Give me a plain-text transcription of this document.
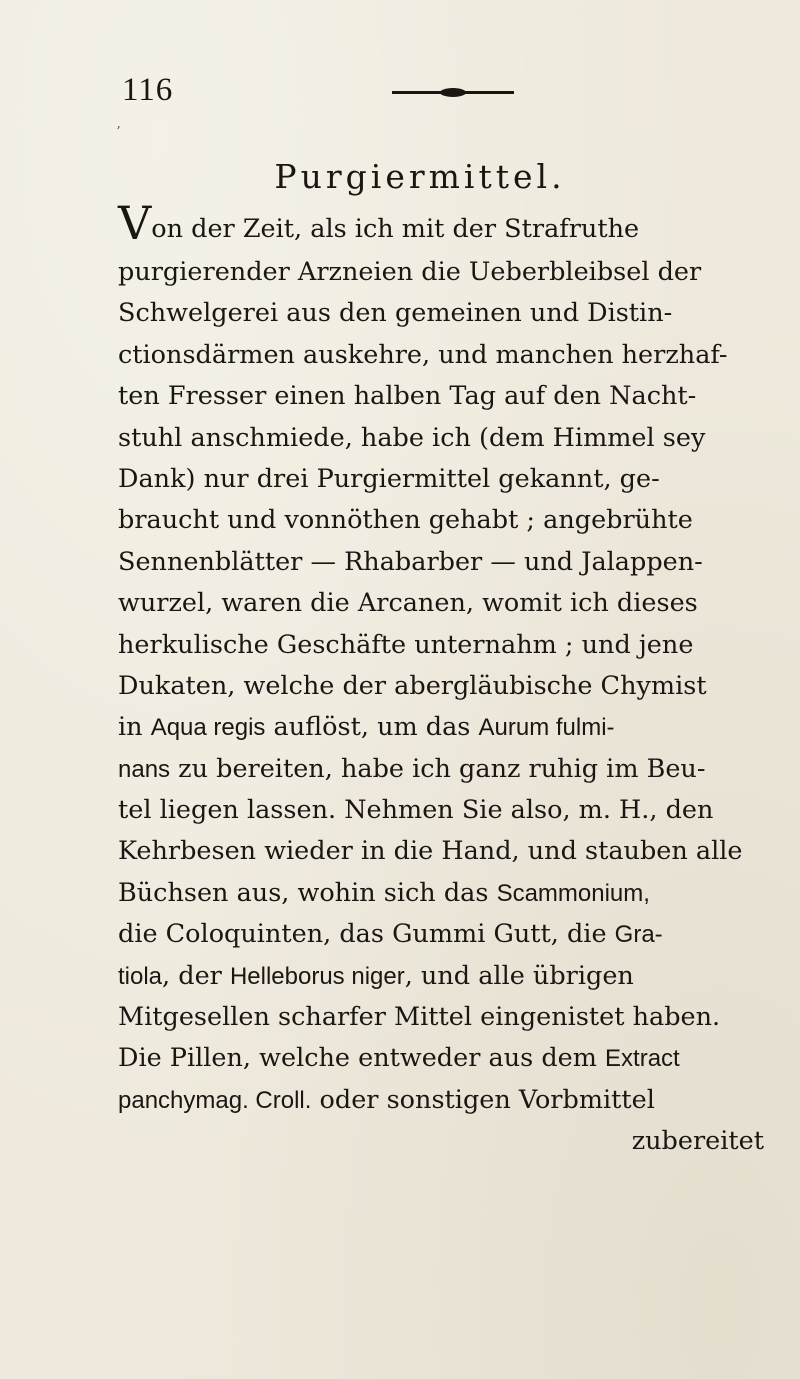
116
ʼ
Purgiermittel.
Von der Zeit, als ich mit der Strafruthe
purgierender Arzneien die Ueberbleibsel der
Schwelgerei aus den gemeinen und Distin-
ctionsdärmen auskehre, und manchen herzhaf-
ten Fresser einen halben Tag auf den Nacht-
stuhl anschmiede, habe ich (dem Himmel sey
Dank) nur drei Purgiermittel gekannt, ge-
braucht und vonnöthen gehabt ; angebrühte
Sennenblätter — Rhabarber — und Jalappen-
wurzel, waren die Arcanen, womit ich dieses
herkulische Geschäfte unternahm ; und jene
Dukaten, welche der abergläubische Chymist
in Aqua regis auflöst, um das Aurum fulmi-
nans zu bereiten, habe ich ganz ruhig im Beu-
tel liegen lassen. Nehmen Sie also, m. H., den
Kehrbesen wieder in die Hand, und stauben alle
Büchsen aus, wohin sich das Scammonium,
die Coloquinten, das Gummi Gutt, die Gra-
tiola, der Helleborus niger, und alle übrigen
Mitgesellen scharfer Mittel eingenistet haben.
Die Pillen, welche entweder aus dem Extract
panchymag. Croll. oder sonstigen Vorbmittel
zubereitet
